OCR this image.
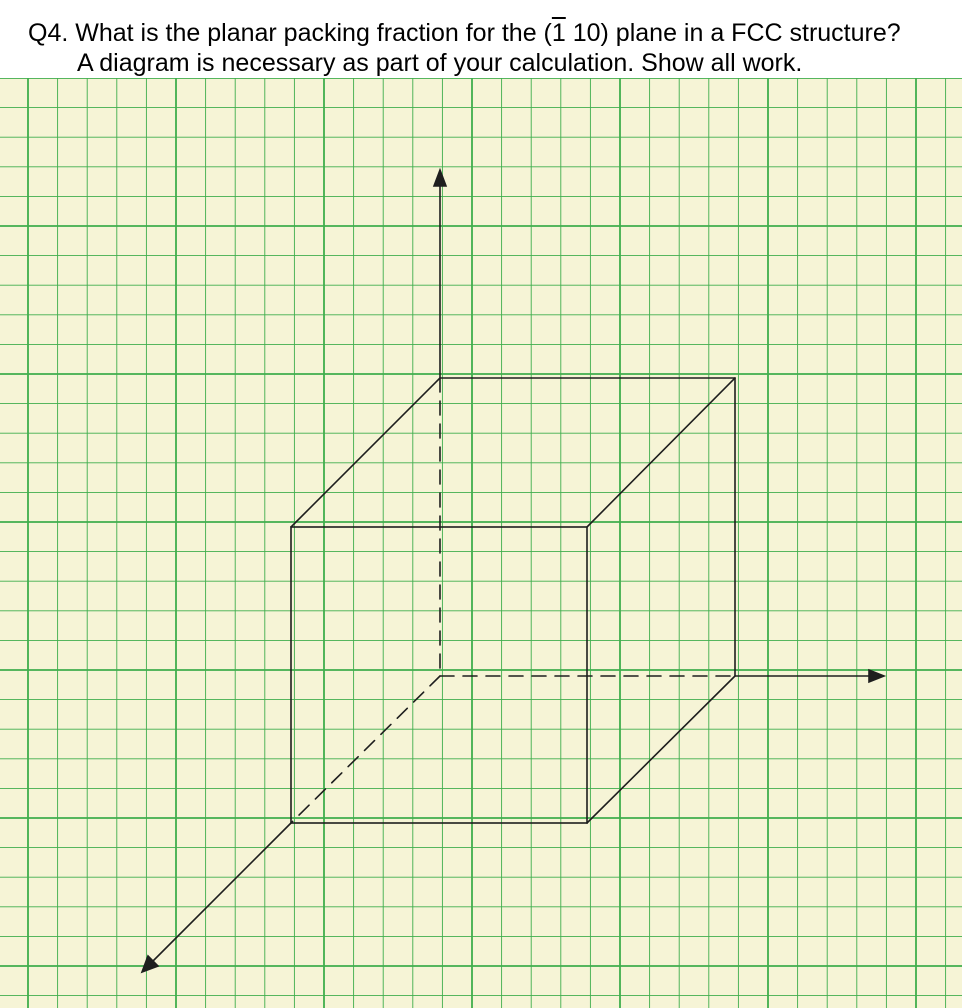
Q4. What is the planar packing fraction for the (1 10) plane in a FCC structure?
A diagram is necessary as part of your calculation. Show all work.
